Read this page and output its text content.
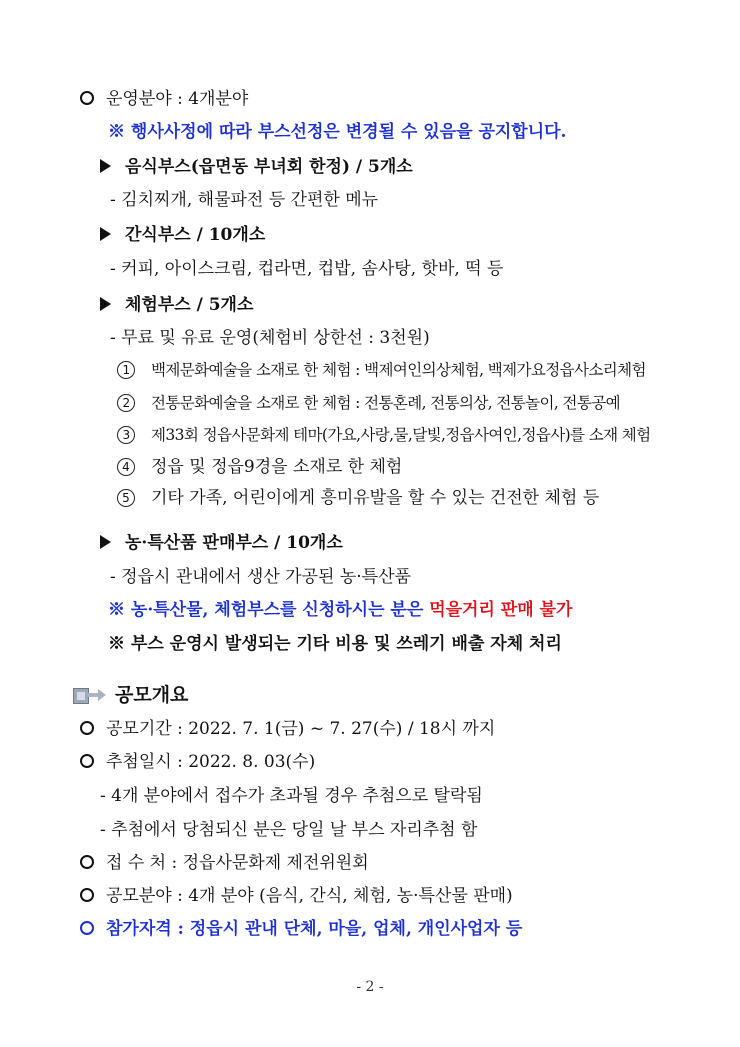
운영분야 : 4개분야
※ 행사사정에 따라 부스선정은 변경될 수 있음을 공지합니다.
음식부스(읍면동 부녀회 한정) / 5개소
- 김치찌개, 해물파전 등 간편한 메뉴
간식부스 / 10개소
- 커피, 아이스크림, 컵라면, 컵밥, 솜사탕, 핫바, 떡 등
체험부스 / 5개소
- 무료 및 유료 운영(체험비 상한선 : 3천원)
1 백제문화예술을 소재로 한 체험 : 백제여인의상체험, 백제가요정읍사소리체험
2 전통문화예술을 소재로 한 체험 : 전통혼례, 전통의상, 전통놀이, 전통공예
3 제33회 정읍사문화제 테마(가요,사랑,물,달빛,정읍사여인,정읍사)를 소재 체험
4 정읍 및 정읍9경을 소재로 한 체험
5 기타 가족, 어린이에게 흥미유발을 할 수 있는 건전한 체험 등
농·특산품 판매부스 / 10개소
- 정읍시 관내에서 생산 가공된 농·특산품
※ 농·특산물, 체험부스를 신청하시는 분은 먹을거리 판매 불가
※ 부스 운영시 발생되는 기타 비용 및 쓰레기 배출 자체 처리
공모개요
공모기간 : 2022. 7. 1(금) ~ 7. 27(수) / 18시 까지
추첨일시 : 2022. 8. 03(수)
- 4개 분야에서 접수가 초과될 경우 추첨으로 탈락됨
- 추첨에서 당첨되신 분은 당일 날 부스 자리추첨 함
접 수 처 : 정읍사문화제 제전위원회
공모분야 : 4개 분야 (음식, 간식, 체험, 농·특산물 판매)
참가자격 : 정읍시 관내 단체, 마을, 업체, 개인사업자 등
- 2 -
